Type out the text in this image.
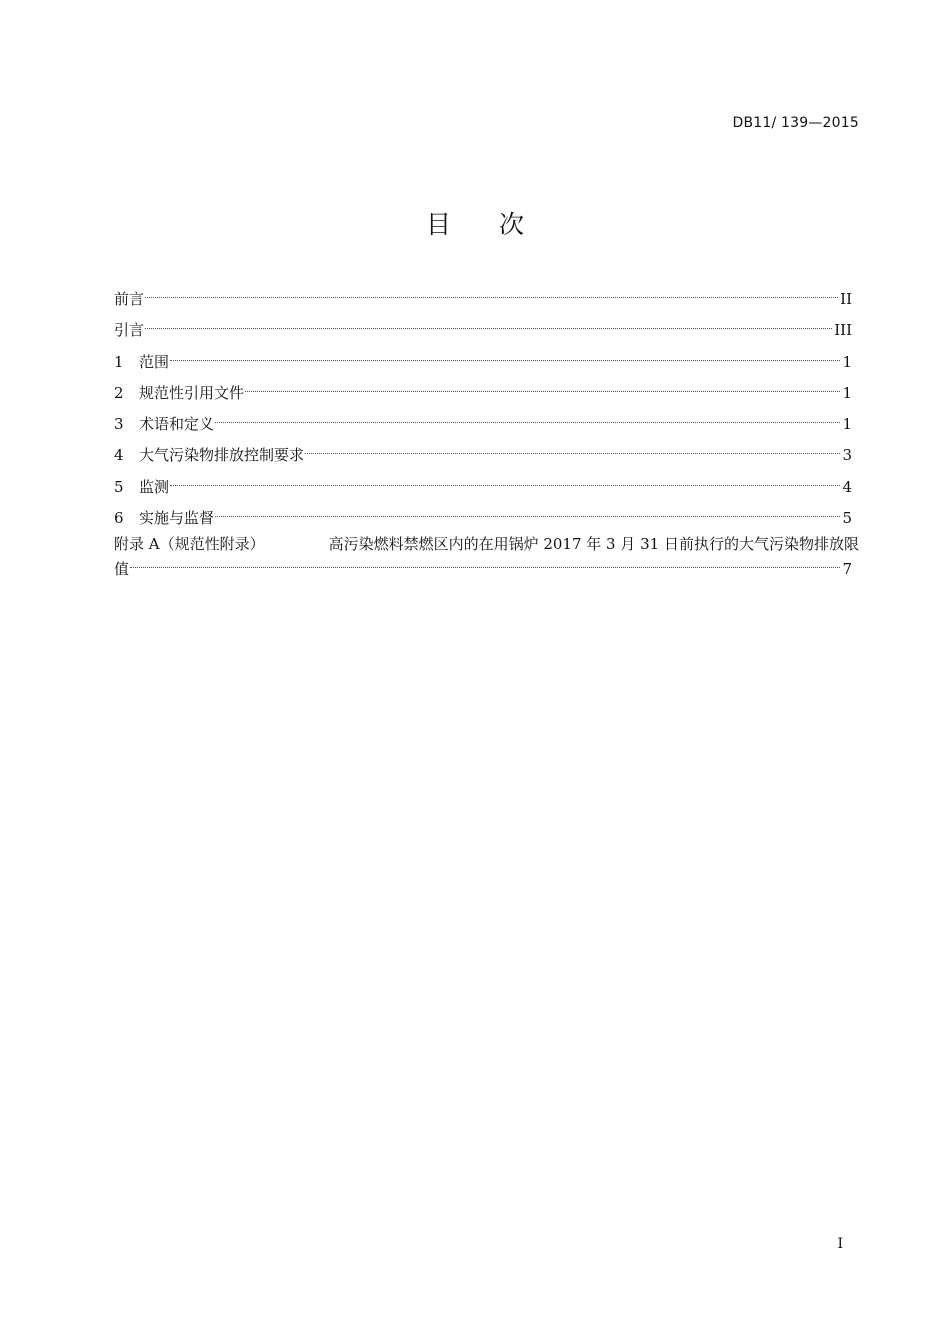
DB11/ 139—2015
目 次
前言	II
引言	III
1	范围	1
2	规范性引用文件	1
3	术语和定义	1
4	大气污染物排放控制要求	3
5	监测	4
6	实施与监督	5
附录 A（规范性附录）	高污染燃料禁燃区内的在用锅炉 2017 年 3 月 31 日前执行的大气污染物排放限
值	7
I
